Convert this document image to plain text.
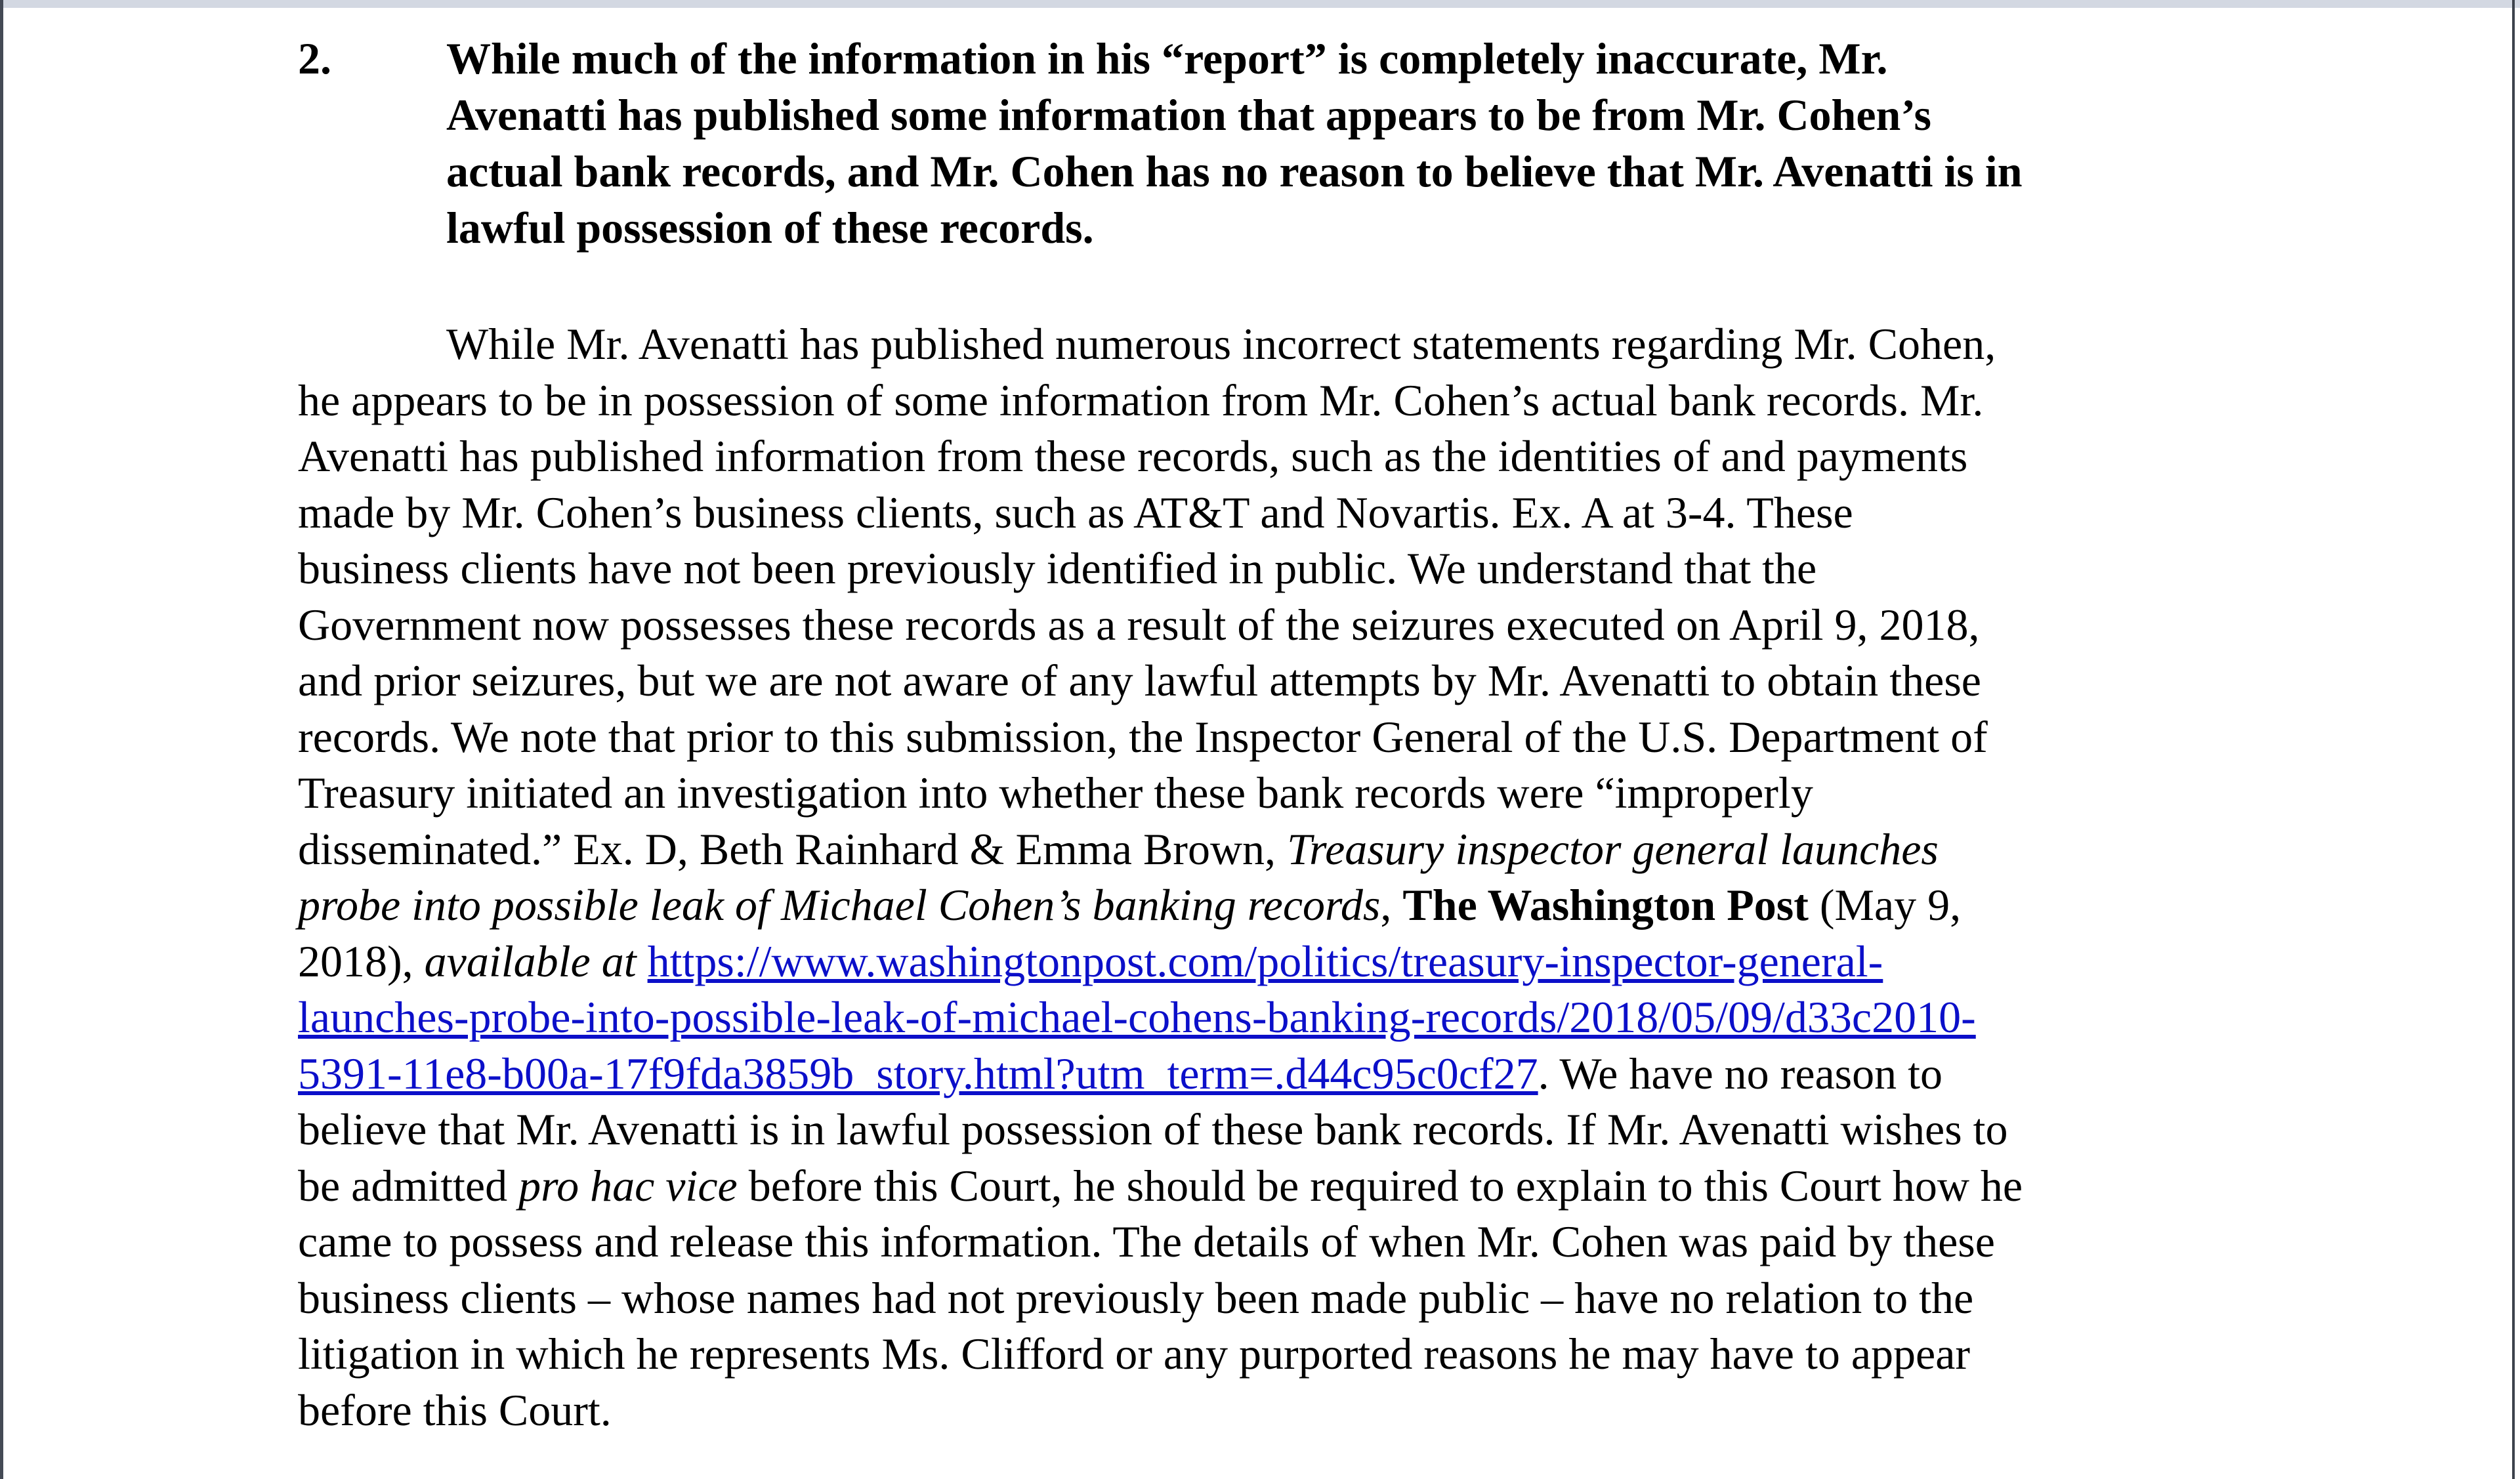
2.	While much of the information in his “report” is completely inaccurate, Mr.
Avenatti has published some information that appears to be from Mr. Cohen’s
actual bank records, and Mr. Cohen has no reason to believe that Mr. Avenatti is in
lawful possession of these records.
While Mr. Avenatti has published numerous incorrect statements regarding Mr. Cohen,
he appears to be in possession of some information from Mr. Cohen’s actual bank records. Mr.
Avenatti has published information from these records, such as the identities of and payments
made by Mr. Cohen’s business clients, such as AT&T and Novartis. Ex. A at 3-4. These
business clients have not been previously identified in public. We understand that the
Government now possesses these records as a result of the seizures executed on April 9, 2018,
and prior seizures, but we are not aware of any lawful attempts by Mr. Avenatti to obtain these
records. We note that prior to this submission, the Inspector General of the U.S. Department of
Treasury initiated an investigation into whether these bank records were “improperly
disseminated.” Ex. D, Beth Rainhard & Emma Brown, Treasury inspector general launches
probe into possible leak of Michael Cohen’s banking records, The Washington Post (May 9,
2018), available at https://www.washingtonpost.com/politics/treasury-inspector-general-
launches-probe-into-possible-leak-of-michael-cohens-banking-records/2018/05/09/d33c2010-
5391-11e8-b00a-17f9fda3859b_story.html?utm_term=.d44c95c0cf27. We have no reason to
believe that Mr. Avenatti is in lawful possession of these bank records. If Mr. Avenatti wishes to
be admitted pro hac vice before this Court, he should be required to explain to this Court how he
came to possess and release this information. The details of when Mr. Cohen was paid by these
business clients – whose names had not previously been made public – have no relation to the
litigation in which he represents Ms. Clifford or any purported reasons he may have to appear
before this Court.
